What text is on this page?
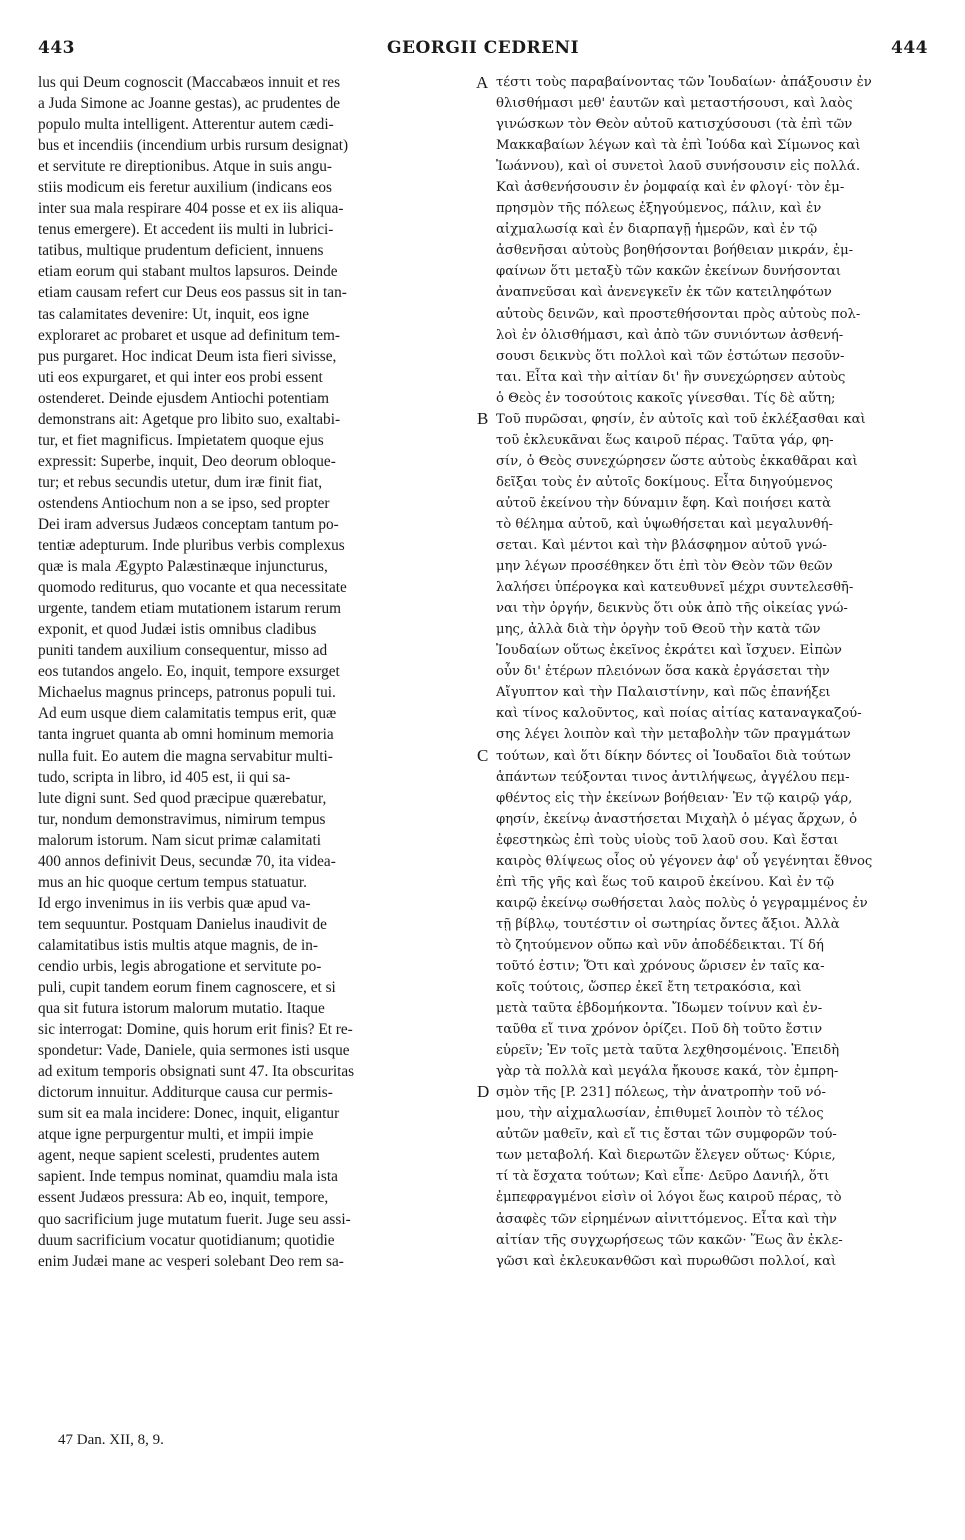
443	GEORGII CEDRENI	444
lus qui Deum cognoscit (Maccabæos innuit et res
a Juda Simone ac Joanne gestas), ac prudentes de
populo multa intelligent. Atterentur autem cædi-
bus et incendiis (incendium urbis rursum designat)
et servitute re direptionibus. Atque in suis angu-
stiis modicum eis feretur auxilium (indicans eos
inter sua mala respirare 404 posse et ex iis aliqua-
tenus emergere). Et accedent iis multi in lubrici-
tatibus, multique prudentum deficient, innuens
etiam eorum qui stabant multos lapsuros. Deinde
etiam causam refert cur Deus eos passus sit in tan-
tas calamitates devenire: Ut, inquit, eos igne
exploraret ac probaret et usque ad definitum tem-
pus purgaret. Hoc indicat Deum ista fieri sivisse,
uti eos expurgaret, et qui inter eos probi essent
ostenderet. Deinde ejusdem Antiochi potentiam
demonstrans ait: Agetque pro libito suo, exaltabi-
tur, et fiet magnificus. Impietatem quoque ejus
expressit: Superbe, inquit, Deo deorum obloque-
tur; et rebus secundis utetur, dum iræ finit fiat,
ostendens Antiochum non a se ipso, sed propter
Dei iram adversus Judæos conceptam tantum po-
tentiæ adepturum. Inde pluribus verbis complexus
quæ is mala Ægypto Palæstinæque injuncturus,
quomodo rediturus, quo vocante et qua necessitate
urgente, tandem etiam mutationem istarum rerum
exponit, et quod Judæi istis omnibus cladibus
puniti tandem auxilium consequentur, misso ad
eos tutandos angelo. Eo, inquit, tempore exsurget
Michaelus magnus princeps, patronus populi tui.
Ad eum usque diem calamitatis tempus erit, quæ
tanta ingruet quanta ab omni hominum memoria
nulla fuit. Eo autem die magna servabitur multi-
tudo, scripta in libro, id 405 est, ii qui sa-
lute digni sunt. Sed quod præcipue quærebatur,
tur, nondum demonstravimus, nimirum tempus
malorum istorum. Nam sicut primæ calamitati
400 annos definivit Deus, secundæ 70, ita videa-
mus an hic quoque certum tempus statuatur.
Id ergo invenimus in iis verbis quæ apud va-
tem sequuntur. Postquam Danielus inaudivit de
calamitatibus istis multis atque magnis, de in-
cendio urbis, legis abrogatione et servitute po-
puli, cupit tandem eorum finem cagnoscere, et si
qua sit futura istorum malorum mutatio. Itaque
sic interrogat: Domine, quis horum erit finis? Et re-
spondetur: Vade, Daniele, quia sermones isti usque
ad exitum temporis obsignati sunt 47. Ita obscuritas
dictorum innuitur. Additurque causa cur permis-
sum sit ea mala incidere: Donec, inquit, eligantur
atque igne perpurgentur multi, et impii impie
agent, neque sapient scelesti, prudentes autem
sapient. Inde tempus nominat, quamdiu mala ista
essent Judæos pressura: Ab eo, inquit, tempore,
quo sacrificium juge mutatum fuerit. Juge seu assi-
duum sacrificium vocatur quotidianum; quotidie
enim Judæi mane ac vesperi solebant Deo rem sa-
τέστι τοὺς παραβαίνοντας τῶν Ἰουδαίων· ἀπάξουσιν ἐν
θλισθήμασι μεθ' ἑαυτῶν καὶ μεταστήσουσι, καὶ λαὸς
γινώσκων τὸν Θεὸν αὐτοῦ κατισχύσουσι (τὰ ἐπὶ τῶν
Μακκαβαίων λέγων καὶ τὰ ἐπὶ Ἰούδα καὶ Σίμωνος καὶ
Ἰωάννου), καὶ οἱ συνετοὶ λαοῦ συνήσουσιν εἰς πολλά.
Καὶ ἀσθενήσουσιν ἐν ῥομφαίᾳ καὶ ἐν φλογί· τὸν ἐμ-
πρησμὸν τῆς πόλεως ἐξηγούμενος, πάλιν, καὶ ἐν
αἰχμαλωσίᾳ καὶ ἐν διαρπαγῇ ἡμερῶν, καὶ ἐν τῷ
ἀσθενῆσαι αὐτοὺς βοηθήσονται βοήθειαν μικράν, ἐμ-
φαίνων ὅτι μεταξὺ τῶν κακῶν ἐκείνων δυνήσονται
ἀναπνεῦσαι καὶ ἀνενεγκεῖν ἐκ τῶν κατειληφότων
αὐτοὺς δεινῶν, καὶ προστεθήσονται πρὸς αὐτοὺς πολ-
λοὶ ἐν ὀλισθήμασι, καὶ ἀπὸ τῶν συνιόντων ἀσθενή-
σουσι δεικνὺς ὅτι πολλοὶ καὶ τῶν ἑστώτων πεσοῦν-
ται. Εἶτα καὶ τὴν αἰτίαν δι' ἣν συνεχώρησεν αὐτοὺς
ὁ Θεὸς ἐν τοσούτοις κακοῖς γίνεσθαι. Τίς δὲ αὕτη;
Τοῦ πυρῶσαι, φησίν, ἐν αὐτοῖς καὶ τοῦ ἐκλέξασθαι καὶ
τοῦ ἐκλευκᾶναι ἕως καιροῦ πέρας. Ταῦτα γάρ, φη-
σίν, ὁ Θεὸς συνεχώρησεν ὥστε αὐτοὺς ἐκκαθᾶραι καὶ
δεῖξαι τοὺς ἐν αὐτοῖς δοκίμους. Εἶτα διηγούμενος
αὐτοῦ ἐκείνου τὴν δύναμιν ἔφη. Καὶ ποιήσει κατὰ
τὸ θέλημα αὐτοῦ, καὶ ὑψωθήσεται καὶ μεγαλυνθή-
σεται. Καὶ μέντοι καὶ τὴν βλάσφημον αὐτοῦ γνώ-
μην λέγων προσέθηκεν ὅτι ἐπὶ τὸν Θεὸν τῶν θεῶν
λαλήσει ὑπέρογκα καὶ κατευθυνεῖ μέχρι συντελεσθῆ-
ναι τὴν ὀργήν, δεικνὺς ὅτι οὐκ ἀπὸ τῆς οἰκείας γνώ-
μης, ἀλλὰ διὰ τὴν ὀργὴν τοῦ Θεοῦ τὴν κατὰ τῶν
Ἰουδαίων οὕτως ἐκεῖνος ἐκράτει καὶ ἴσχυεν. Εἰπὼν
οὖν δι' ἑτέρων πλειόνων ὅσα κακὰ ἐργάσεται τὴν
Αἴγυπτον καὶ τὴν Παλαιστίνην, καὶ πῶς ἐπανήξει
καὶ τίνος καλοῦντος, καὶ ποίας αἰτίας καταναγκαζού-
σης λέγει λοιπὸν καὶ τὴν μεταβολὴν τῶν πραγμάτων
τούτων, καὶ ὅτι δίκην δόντες οἱ Ἰουδαῖοι διὰ τούτων
ἁπάντων τεύξονται τινος ἀντιλήψεως, ἀγγέλου πεμ-
φθέντος εἰς τὴν ἐκείνων βοήθειαν· Ἐν τῷ καιρῷ γάρ,
φησίν, ἐκείνῳ ἀναστήσεται Μιχαὴλ ὁ μέγας ἄρχων, ὁ
ἐφεστηκὼς ἐπὶ τοὺς υἱοὺς τοῦ λαοῦ σου. Καὶ ἔσται
καιρὸς θλίψεως οἷος οὐ γέγονεν ἀφ' οὗ γεγένηται ἔθνος
ἐπὶ τῆς γῆς καὶ ἕως τοῦ καιροῦ ἐκείνου. Καὶ ἐν τῷ
καιρῷ ἐκείνῳ σωθήσεται λαὸς πολὺς ὁ γεγραμμένος ἐν
τῇ βίβλῳ, τουτέστιν οἱ σωτηρίας ὄντες ἄξιοι. Ἀλλὰ
τὸ ζητούμενον οὔπω καὶ νῦν ἀποδέδεικται. Τί δή
τοῦτό ἐστιν; Ὅτι καὶ χρόνους ὥρισεν ἐν ταῖς κα-
κοῖς τούτοις, ὥσπερ ἐκεῖ ἔτη τετρακόσια, καὶ
μετὰ ταῦτα ἑβδομήκοντα. Ἴδωμεν τοίνυν καὶ ἐν-
ταῦθα εἴ τινα χρόνον ὁρίζει. Ποῦ δὴ τοῦτο ἔστιν
εὑρεῖν; Ἐν τοῖς μετὰ ταῦτα λεχθησομένοις. Ἐπειδὴ
γὰρ τὰ πολλὰ καὶ μεγάλα ἤκουσε κακά, τὸν ἐμπρη-
σμὸν τῆς [P. 231] πόλεως, τὴν ἀνατροπὴν τοῦ νό-
μου, τὴν αἰχμαλωσίαν, ἐπιθυμεῖ λοιπὸν τὸ τέλος
αὐτῶν μαθεῖν, καὶ εἴ τις ἔσται τῶν συμφορῶν τού-
των μεταβολή. Καὶ διερωτῶν ἔλεγεν οὕτως· Κύριε,
τί τὰ ἔσχατα τούτων; Καὶ εἶπε· Δεῦρο Δανιήλ, ὅτι
ἐμπεφραγμένοι εἰσὶν οἱ λόγοι ἕως καιροῦ πέρας, τὸ
ἀσαφὲς τῶν εἰρημένων αἰνιττόμενος. Εἶτα καὶ τὴν
αἰτίαν τῆς συγχωρήσεως τῶν κακῶν· Ἕως ἂν ἐκλε-
γῶσι καὶ ἐκλευκανθῶσι καὶ πυρωθῶσι πολλοί, καὶ
A
B
C
D
47 Dan. XII, 8, 9.
